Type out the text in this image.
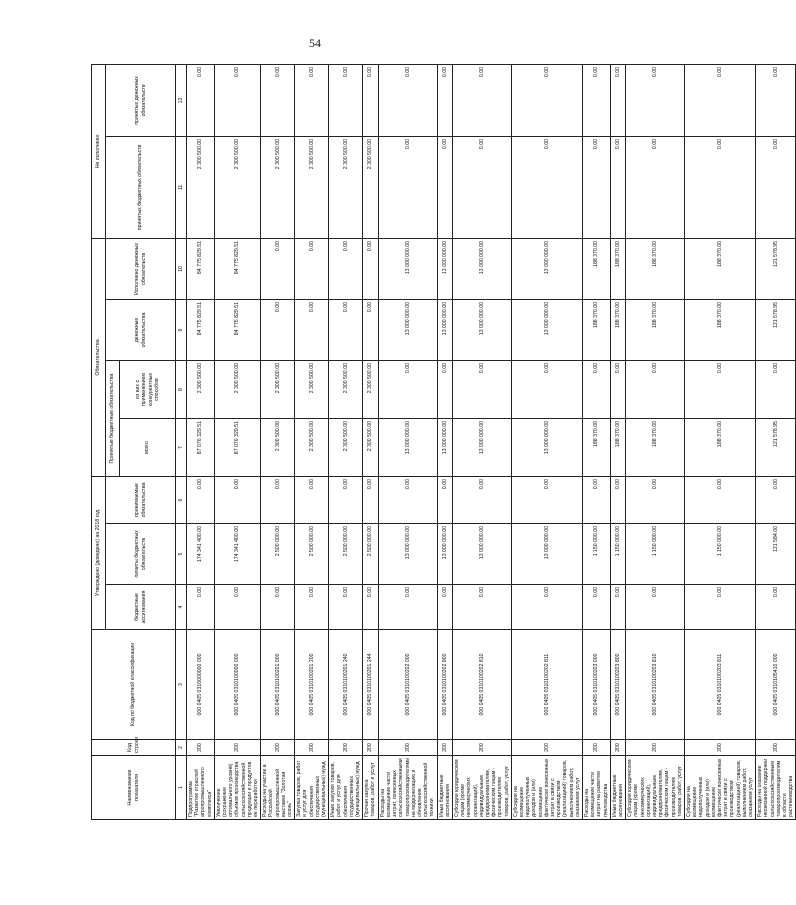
54
Наименование показателя	Код строки	Код по бюджетной классификации	Утверждено (доведено) на 2018 год			Обязательства				Не исполнено	
			бюджетные ассигнования	лимиты бюджетных обязательств	принимаемые обязательства	Принятые бюджетные обязательства		денежные обязательства	Исполнено денежных обязательств	принятых бюджетных обязательств	принятых денежных обязательств
						всего	из них с применением конкурентных способов				
1	2	3	4	5	6	7	8	9	10	11	12
Подпрограмма "Развитие отраслей агропромышленного комплекса"	200	000 0405 0310000000 000	0.00	174 341 400.00	0.00	87 076 329.51	2 300 500.00	84 775 829.51	84 775 829.51	2 300 500.00	0.00
Увеличение (сохранение оптимального уровня) объемов производства сельскохозяйственной продукции и продуктов ее переработки	200	000 0405 0310100000 000	0.00	174 341 400.00	0.00	87 076 329.51	2 300 500.00	84 775 829.51	84 775 829.51	2 300 500.00	0.00
Расходы на участие в Российской агропромышленной выставке "Золотая осень"	200	000 0405 0310100201 000	0.00	2 500 000.00	0.00	2 300 500.00	2 300 500.00	0.00	0.00	2 300 500.00	0.00
Закупка товаров, работ и услуг для обеспечения государственных (муниципальных) нужд	200	000 0405 0310100201 200	0.00	2 500 000.00	0.00	2 300 500.00	2 300 500.00	0.00	0.00	2 300 500.00	0.00
Иные закупки товаров, работ и услуг для обеспечения государственных (муниципальных) нужд	200	000 0405 0310100201 240	0.00	2 500 000.00	0.00	2 300 500.00	2 300 500.00	0.00	0.00	2 300 500.00	0.00
Прочая закупка товаров, работ и услуг	200	000 0405 0310100201 244	0.00	2 500 000.00	0.00	2 300 500.00	2 300 500.00	0.00	0.00	2 300 500.00	0.00
Расходы на возмещение части затрат, понесенных сельскохозяйственными товаропроизводителями на модернизацию и обновление сельскохозяйственной техники	200	000 0405 0310100202 000	0.00	13 000 000.00	0.00	13 000 000.00	0.00	13 000 000.00	13 000 000.00	0.00	0.00
Иные бюджетные ассигнования	200	000 0405 0310100202 800	0.00	13 000 000.00	0.00	13 000 000.00	0.00	13 000 000.00	13 000 000.00	0.00	0.00
Субсидии юридическим лицам (кроме некоммерческих организаций), индивидуальным предпринимателям, физическим лицам - производителям товаров, работ, услуг	200	000 0405 0310100202 810	0.00	13 000 000.00	0.00	13 000 000.00	0.00	13 000 000.00	13 000 000.00	0.00	0.00
Субсидии на возмещение недополученных доходов и (или) возмещение фактически понесенных затрат в связи с производством (реализацией) товаров, выполнением работ, оказанием услуг	200	000 0405 0310100202 811	0.00	13 000 000.00	0.00	13 000 000.00	0.00	13 000 000.00	13 000 000.00	0.00	0.00
Расходы на возмещение части затрат на развитие пчеловодства	200	000 0405 0310100203 000	0.00	1 150 000.00	0.00	188 370.00	0.00	188 370.00	188 370.00	0.00	0.00
Иные бюджетные ассигнования	200	000 0405 0310100203 800	0.00	1 150 000.00	0.00	188 370.00	0.00	188 370.00	188 370.00	0.00	0.00
Субсидии юридическим лицам (кроме некоммерческих организаций), индивидуальным предпринимателям, физическим лицам - производителям товаров, работ, услуг	200	000 0405 0310100203 810	0.00	1 150 000.00	0.00	188 370.00	0.00	188 370.00	188 370.00	0.00	0.00
Субсидии на возмещение недополученных доходов и (или) возмещение фактически понесенных затрат в связи с производством (реализацией) товаров, выполнением работ, оказанием услуг	200	000 0405 0310100203 811	0.00	1 150 000.00	0.00	188 370.00	0.00	188 370.00	188 370.00	0.00	0.00
Расходы на оказание несвязанной поддержки сельскохозяйственным товаропроизводителям в области растениеводства	200	000 0405 0310105410 000	0.00	121 584.00	0.00	121 578.95	0.00	121 578.95	121 578.95	0.00	0.00
